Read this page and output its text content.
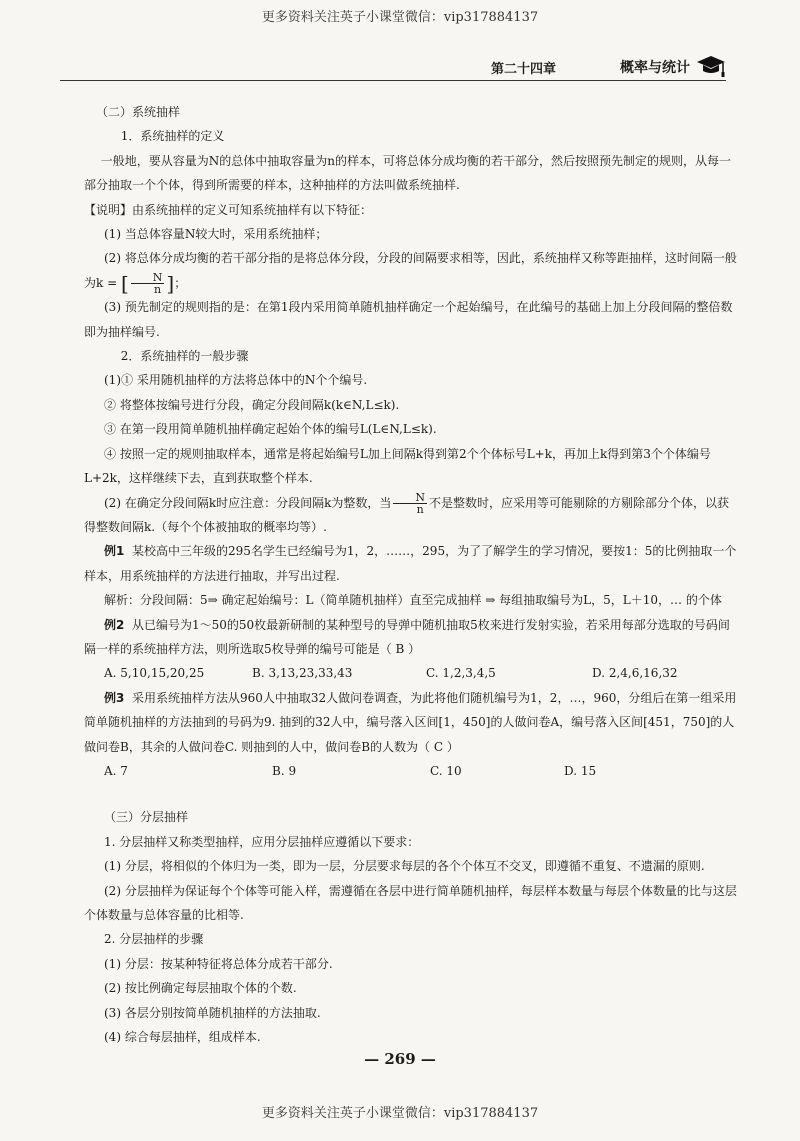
更多资料关注英子小课堂微信：vip317884137
第二十四章	概率与统计

（二）系统抽样

1．系统抽样的定义

一般地，要从容量为N的总体中抽取容量为n的样本，可将总体分成均衡的若干部分，然后按照预先制定的规则，从每一部分抽取一个个体，得到所需要的样本，这种抽样的方法叫做系统抽样.

【说明】由系统抽样的定义可知系统抽样有以下特征：

(1) 当总体容量N较大时，采用系统抽样；

(2) 将总体分成均衡的若干部分指的是将总体分段，分段的间隔要求相等，因此，系统抽样又称等距抽样，这时间隔一般为k = [ $\frac{N}{n}$ ]；

(3) 预先制定的规则指的是：在第1段内采用简单随机抽样确定一个起始编号，在此编号的基础上加上分段间隔的整倍数即为抽样编号.

2．系统抽样的一般步骤

(1)① 采用随机抽样的方法将总体中的N个个编号.

② 将整体按编号进行分段，确定分段间隔k(k∈N,L≤k).

③ 在第一段用简单随机抽样确定起始个体的编号L(L∈N,L≤k).

④ 按照一定的规则抽取样本，通常是将起始编号L加上间隔k得到第2个个体标号L+k，再加上k得到第3个个体编号L+2k，这样继续下去，直到获取整个样本.

(2) 在确定分段间隔k时应注意：分段间隔k为整数，当 $\frac{N}{n}$ 不是整数时，应采用等可能剔除的方剔除部分个体，以获得整数间隔k.（每个个体被抽取的概率均等）.

例1 某校高中三年级的295名学生已经编号为1，2，……，295，为了了解学生的学习情况，要按1：5的比例抽取一个样本，用系统抽样的方法进行抽取，并写出过程.

解析：分段间隔：5⇒ 确定起始编号：L（简单随机抽样）直至完成抽样 ⇒ 每组抽取编号为L，5，L＋10，… 的个体

例2 从已编号为1～50的50枚最新研制的某种型号的导弹中随机抽取5枚来进行发射实验，若采用每部分选取的号码间隔一样的系统抽样方法，则所选取5枚导弹的编号可能是（ B ）

A. 5,10,15,20,25	B. 3,13,23,33,43	C. 1,2,3,4,5	D. 2,4,6,16,32

例3 采用系统抽样方法从960人中抽取32人做问卷调查，为此将他们随机编号为1，2，…，960，分组后在第一组采用简单随机抽样的方法抽到的号码为9. 抽到的32人中，编号落入区间[1，450]的人做问卷A，编号落入区间[451，750]的人做问卷B，其余的人做问卷C. 则抽到的人中，做问卷B的人数为（ C ）

A. 7	B. 9	C. 10	D. 15

（三）分层抽样

1. 分层抽样又称类型抽样，应用分层抽样应遵循以下要求：

(1) 分层，将相似的个体归为一类，即为一层，分层要求每层的各个个体互不交叉，即遵循不重复、不遗漏的原则.

(2) 分层抽样为保证每个个体等可能入样，需遵循在各层中进行简单随机抽样，每层样本数量与每层个体数量的比与这层个体数量与总体容量的比相等.

2. 分层抽样的步骤

(1) 分层：按某种特征将总体分成若干部分.

(2) 按比例确定每层抽取个体的个数.

(3) 各层分别按简单随机抽样的方法抽取.

(4) 综合每层抽样，组成样本.

— 269 —
更多资料关注英子小课堂微信：vip317884137
